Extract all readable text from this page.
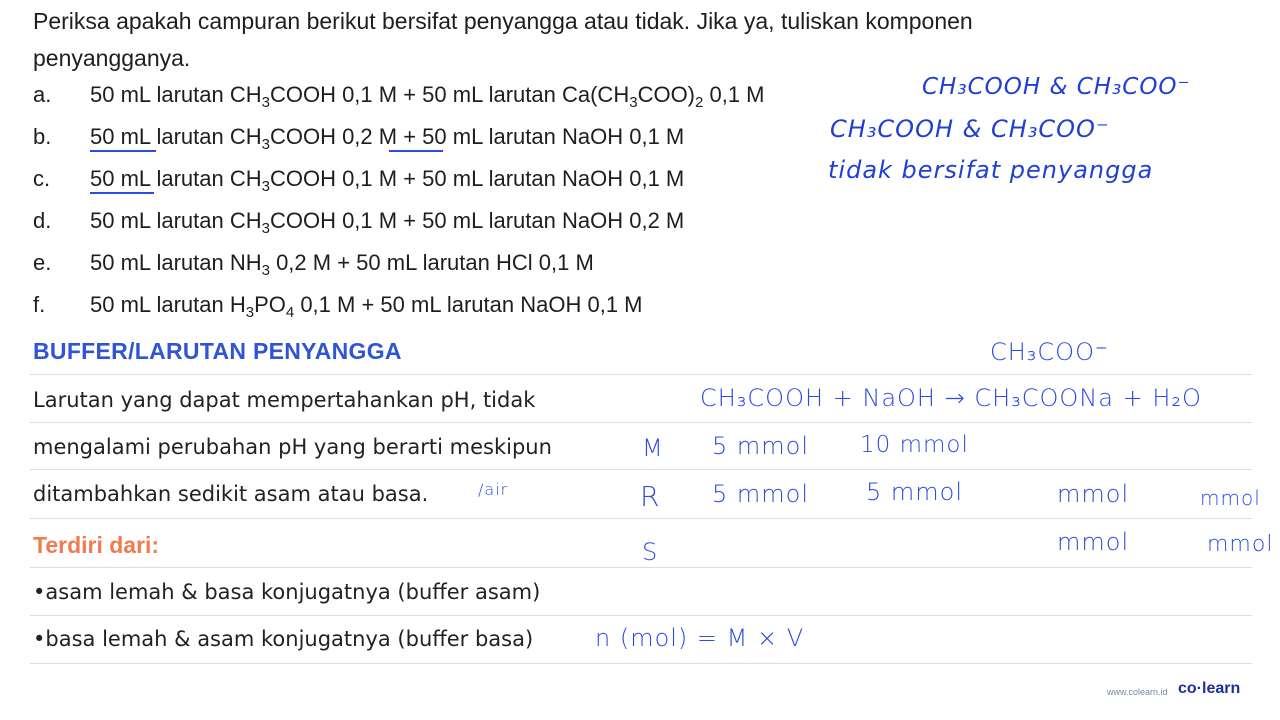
Periksa apakah campuran berikut bersifat penyangga atau tidak. Jika ya, tuliskan komponen
penyangganya.
a. 50 mL larutan $CH_3COOH$ 0,1 M + 50 mL larutan $Ca(CH_3COO)_2$ 0,1 M
b. 50 mL larutan $CH_3COOH$ 0,2 M + 50 mL larutan NaOH 0,1 M
c. 50 mL larutan $CH_3COOH$ 0,1 M + 50 mL larutan NaOH 0,1 M
d. 50 mL larutan $CH_3COOH$ 0,1 M + 50 mL larutan NaOH 0,2 M
e. 50 mL larutan $NH_3$ 0,2 M + 50 mL larutan HCl 0,1 M
f. 50 mL larutan $H_3PO_4$ 0,1 M + 50 mL larutan NaOH 0,1 M
CH₃COOH & CH₃COO⁻
CH₃COOH & CH₃COO⁻
tidak bersifat penyangga
BUFFER/LARUTAN PENYANGGA	CH₃COO⁻
Larutan yang dapat mempertahankan pH, tidak	CH₃COOH + NaOH → CH₃COONa + H₂O
mengalami perubahan pH yang berarti meskipun	M 5 mmol 10 mmol
ditambahkan sedikit asam atau basa.	/air	R 5 mmol 5 mmol	mmol	mmol
Terdiri dari:	S	mmol	mmol
•asam lemah & basa konjugatnya (buffer asam)
•basa lemah & asam konjugatnya (buffer basa)	n (mol) = M × V
www.colearn.id co·learn
